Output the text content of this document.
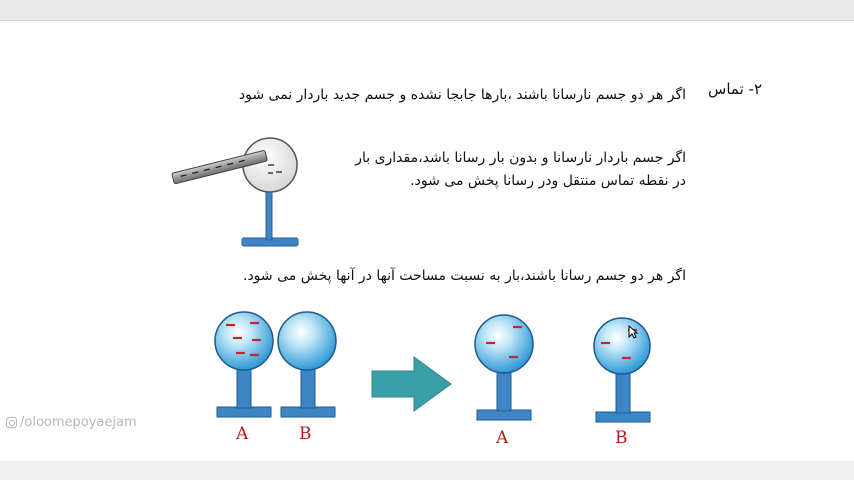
۲- تماس
اگر هر دو جسم نارسانا باشند ،بارها جابجا نشده و جسم جدید باردار نمی شود
اگر جسم باردار نارسانا و بدون بار رسانا باشد،مقداری بار
در نقطه تماس منتقل ودر رسانا پخش می شود.
اگر هر دو جسم رسانا باشند،بار به نسبت مساحت آنها در آنها پخش می شود.
A	B	A	B
/oloomepoyaejam
